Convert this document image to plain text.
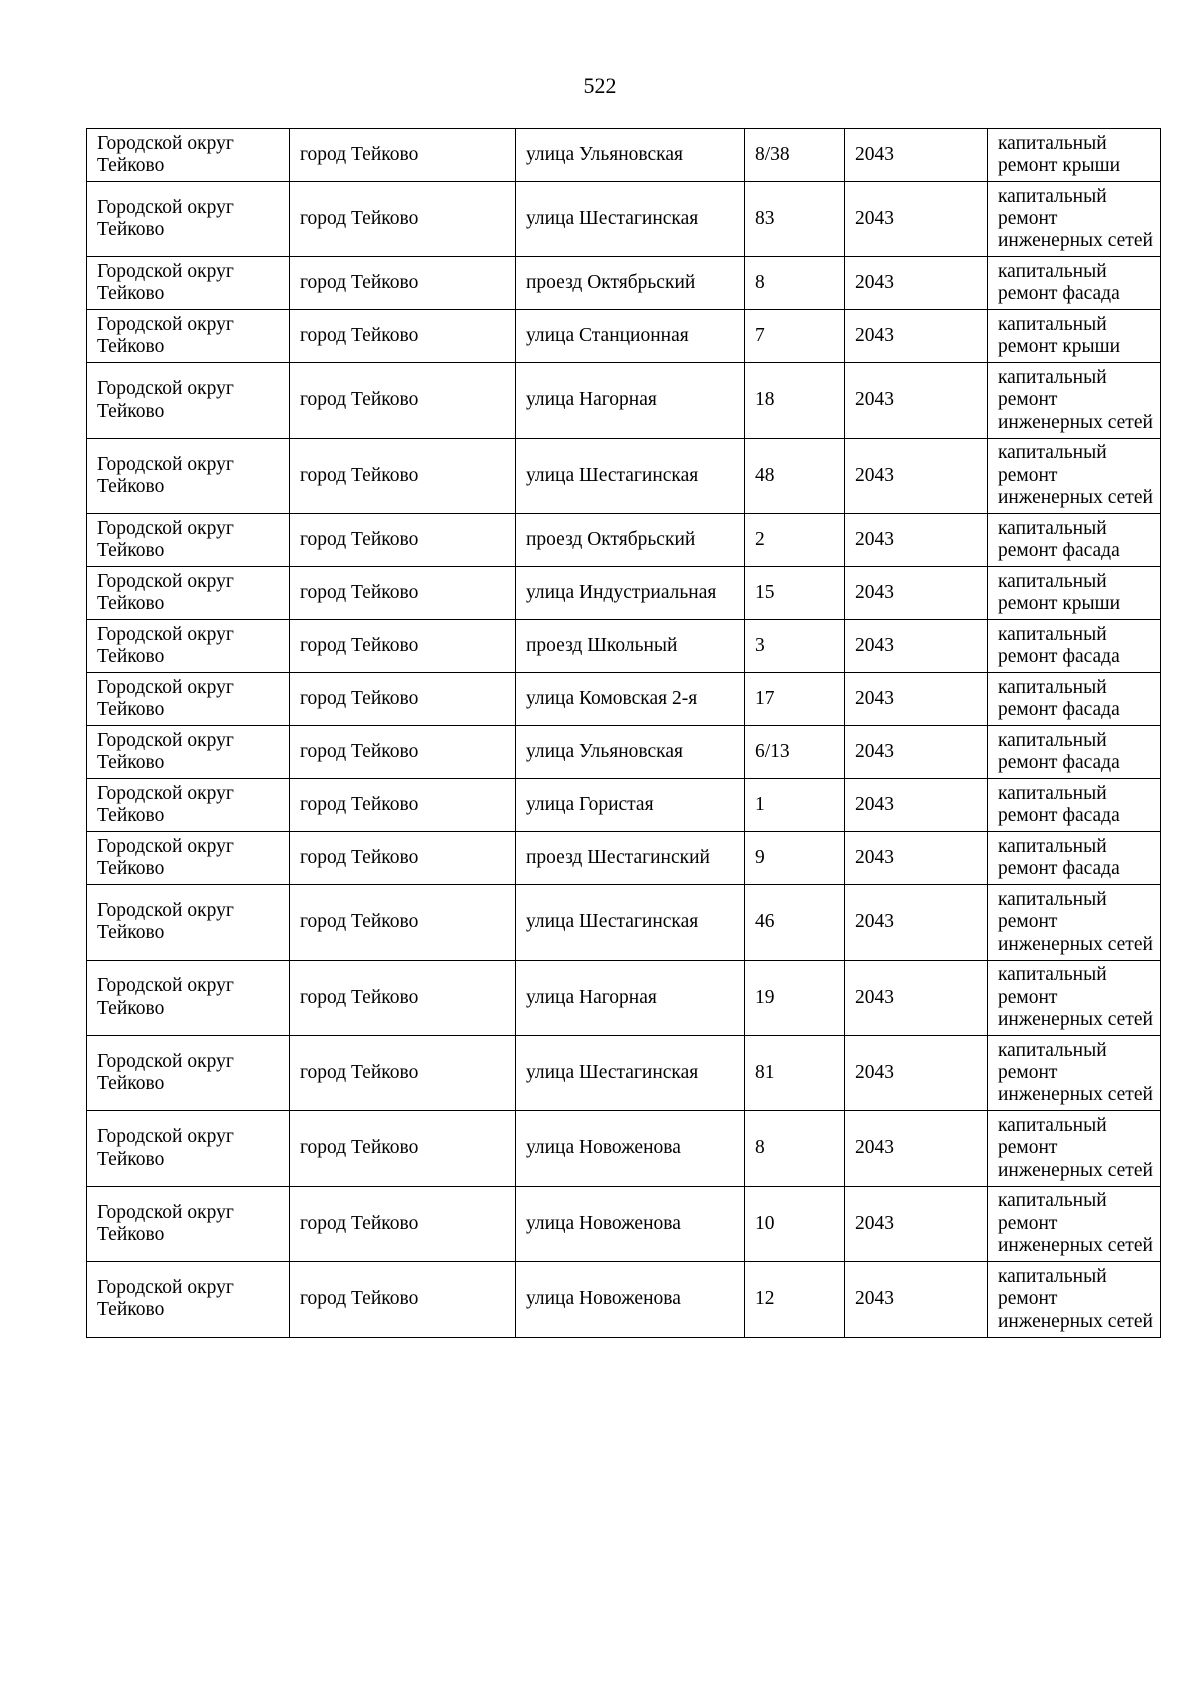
522
Городской округ Тейково	город Тейково	улица Ульяновская	8/38	2043	капитальный ремонт крыши
Городской округ Тейково	город Тейково	улица Шестагинская	83	2043	капитальный ремонт инженерных сетей
Городской округ Тейково	город Тейково	проезд Октябрьский	8	2043	капитальный ремонт фасада
Городской округ Тейково	город Тейково	улица Станционная	7	2043	капитальный ремонт крыши
Городской округ Тейково	город Тейково	улица Нагорная	18	2043	капитальный ремонт инженерных сетей
Городской округ Тейково	город Тейково	улица Шестагинская	48	2043	капитальный ремонт инженерных сетей
Городской округ Тейково	город Тейково	проезд Октябрьский	2	2043	капитальный ремонт фасада
Городской округ Тейково	город Тейково	улица Индустриальная	15	2043	капитальный ремонт крыши
Городской округ Тейково	город Тейково	проезд Школьный	3	2043	капитальный ремонт фасада
Городской округ Тейково	город Тейково	улица Комовская 2-я	17	2043	капитальный ремонт фасада
Городской округ Тейково	город Тейково	улица Ульяновская	6/13	2043	капитальный ремонт фасада
Городской округ Тейково	город Тейково	улица Гористая	1	2043	капитальный ремонт фасада
Городской округ Тейково	город Тейково	проезд Шестагинский	9	2043	капитальный ремонт фасада
Городской округ Тейково	город Тейково	улица Шестагинская	46	2043	капитальный ремонт инженерных сетей
Городской округ Тейково	город Тейково	улица Нагорная	19	2043	капитальный ремонт инженерных сетей
Городской округ Тейково	город Тейково	улица Шестагинская	81	2043	капитальный ремонт инженерных сетей
Городской округ Тейково	город Тейково	улица Новоженова	8	2043	капитальный ремонт инженерных сетей
Городской округ Тейково	город Тейково	улица Новоженова	10	2043	капитальный ремонт инженерных сетей
Городской округ Тейково	город Тейково	улица Новоженова	12	2043	капитальный ремонт инженерных сетей
